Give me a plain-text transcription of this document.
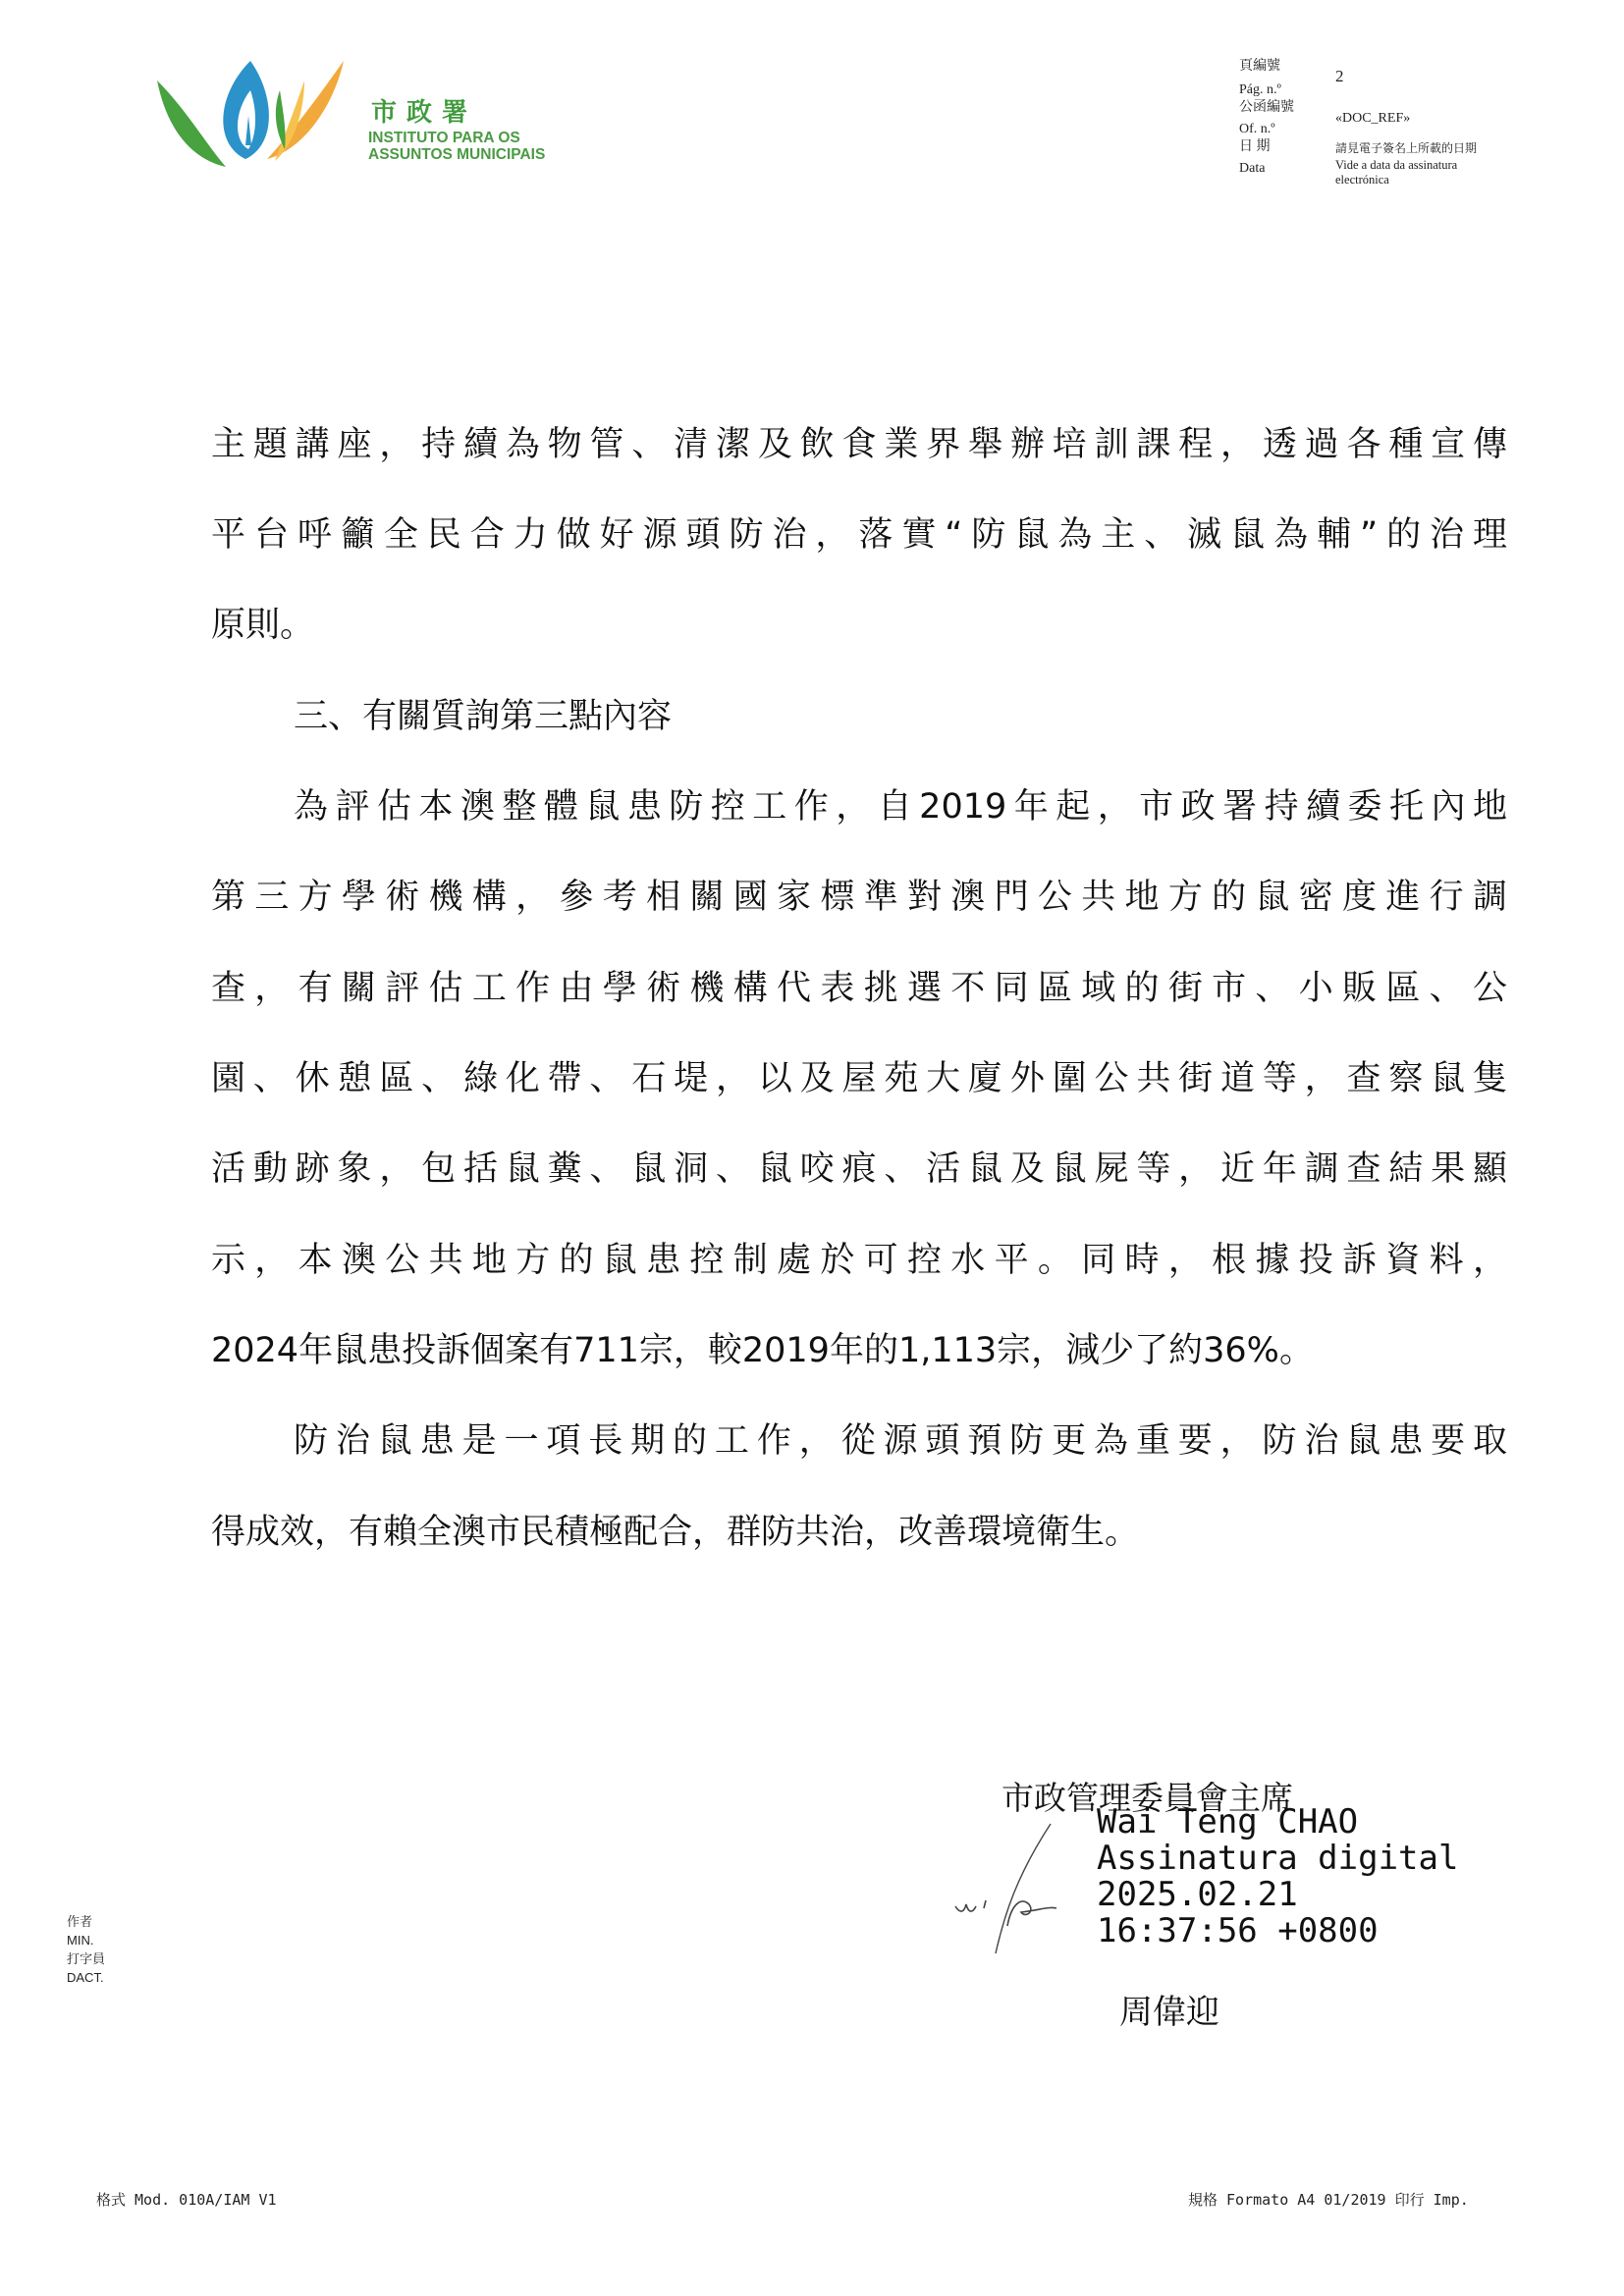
市政署
INSTITUTO PARA OS
ASSUNTOS MUNICIPAIS
頁編號
Pág. n.º
2
公函編號
Of. n.º
«DOC_REF»
日 期
Data
請見電子簽名上所載的日期
Vide a data da assinatura
electrónica
主題講座，持續為物管、清潔及飲食業界舉辦培訓課程，透過各種宣傳
平台呼籲全民合力做好源頭防治，落實“防鼠為主、滅鼠為輔”的治理
原則。
三、有關質詢第三點內容
為評估本澳整體鼠患防控工作，自2019年起，市政署持續委托內地
第三方學術機構，參考相關國家標準對澳門公共地方的鼠密度進行調
查，有關評估工作由學術機構代表挑選不同區域的街市、小販區、公
園、休憩區、綠化帶、石堤，以及屋苑大廈外圍公共街道等，查察鼠隻
活動跡象，包括鼠糞、鼠洞、鼠咬痕、活鼠及鼠屍等，近年調查結果顯
示，本澳公共地方的鼠患控制處於可控水平。同時，根據投訴資料，
2024年鼠患投訴個案有711宗，較2019年的1,113宗，減少了約36%。
防治鼠患是一項長期的工作，從源頭預防更為重要，防治鼠患要取
得成效，有賴全澳市民積極配合，群防共治，改善環境衛生。
市政管理委員會主席
Wai Teng CHAO
Assinatura digital
2025.02.21
16:37:56 +0800
周偉迎
作者
MIN.
打字員
DACT.
格式 Mod. 010A/IAM V1	規格 Formato A4 01/2019 印行 Imp.
